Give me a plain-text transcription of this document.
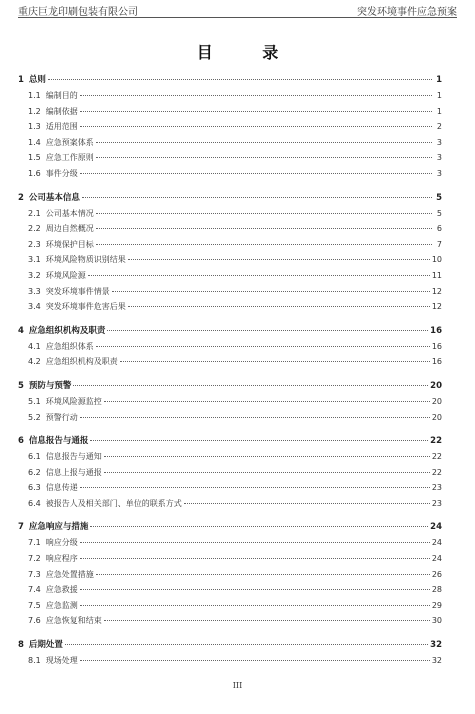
重庆巨龙印刷包装有限公司	突发环境事件应急预案
目 录
1 总则	1
1.1 编制目的	1
1.2 编制依据	1
1.3 适用范围	2
1.4 应急预案体系	3
1.5 应急工作原则	3
1.6 事件分级	3
2 公司基本信息	5
2.1 公司基本情况	5
2.2 周边自然概况	6
2.3 环境保护目标	7
3.1 环境风险物质识别结果	10
3.2 环境风险源	11
3.3 突发环境事件情景	12
3.4 突发环境事件危害后果	12
4 应急组织机构及职责	16
4.1 应急组织体系	16
4.2 应急组织机构及职责	16
5 预防与预警	20
5.1 环境风险源监控	20
5.2 预警行动	20
6 信息报告与通报	22
6.1 信息报告与通知	22
6.2 信息上报与通报	22
6.3 信息传递	23
6.4 被报告人及相关部门、单位的联系方式	23
7 应急响应与措施	24
7.1 响应分级	24
7.2 响应程序	24
7.3 应急处置措施	26
7.4 应急救援	28
7.5 应急监测	29
7.6 应急恢复和结束	30
8 后期处置	32
8.1 现场处理	32
III
